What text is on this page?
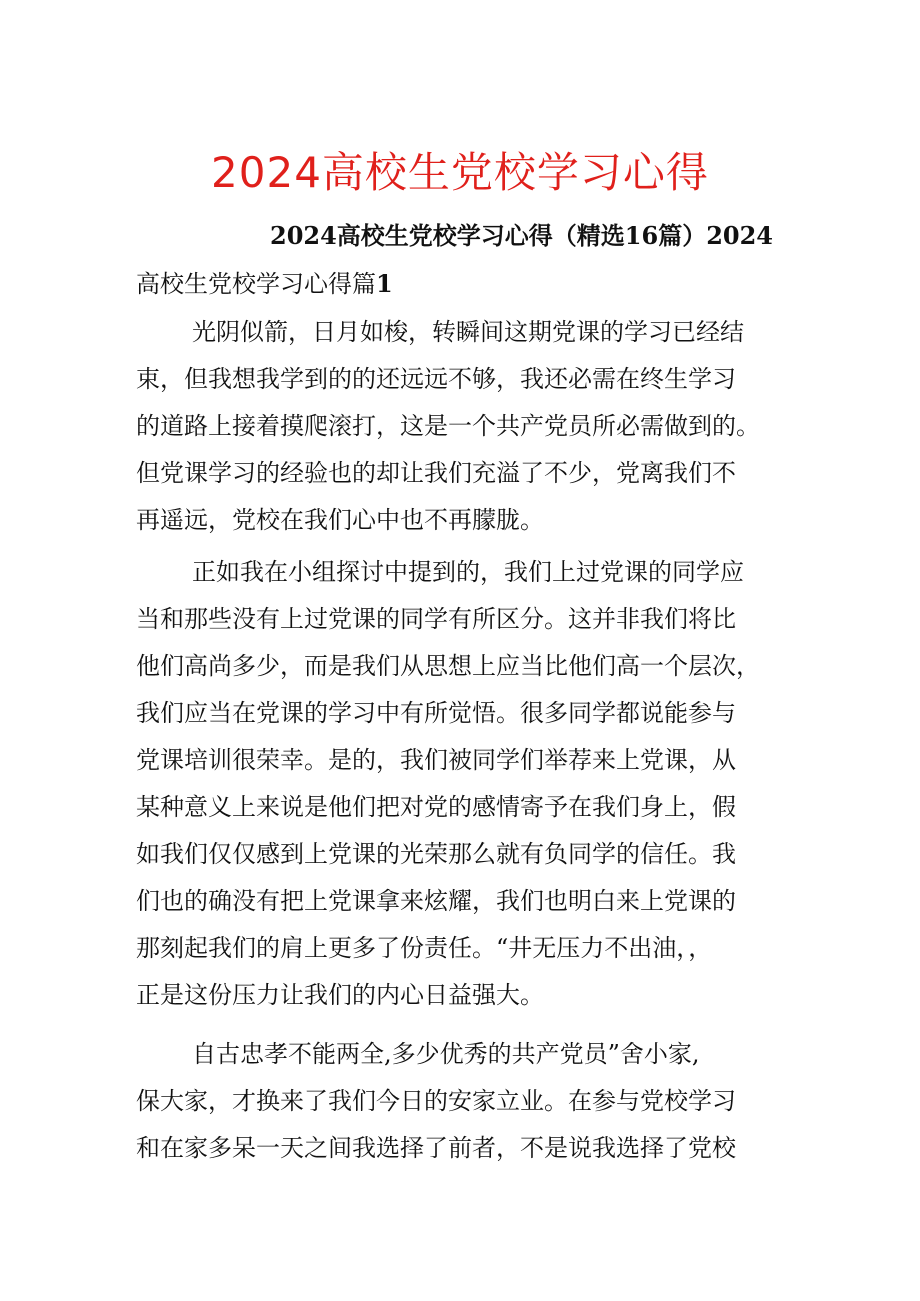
2024高校生党校学习心得
2024高校生党校学习心得（精选16篇）2024
高校生党校学习心得篇1
光阴似箭，日月如梭，转瞬间这期党课的学习已经结
束，但我想我学到的的还远远不够，我还必需在终生学习
的道路上接着摸爬滚打，这是一个共产党员所必需做到的。
但党课学习的经验也的却让我们充溢了不少，党离我们不
再遥远，党校在我们心中也不再朦胧。
正如我在小组探讨中提到的，我们上过党课的同学应
当和那些没有上过党课的同学有所区分。这并非我们将比
他们高尚多少，而是我们从思想上应当比他们高一个层次，
我们应当在党课的学习中有所觉悟。很多同学都说能参与
党课培训很荣幸。是的，我们被同学们举荐来上党课，从
某种意义上来说是他们把对党的感情寄予在我们身上，假
如我们仅仅感到上党课的光荣那么就有负同学的信任。我
们也的确没有把上党课拿来炫耀，我们也明白来上党课的
那刻起我们的肩上更多了份责任。“井无压力不出油，，
正是这份压力让我们的内心日益强大。
自古忠孝不能两全,多少优秀的共产党员”舍小家,
保大家，才换来了我们今日的安家立业。在参与党校学习
和在家多呆一天之间我选择了前者，不是说我选择了党校
